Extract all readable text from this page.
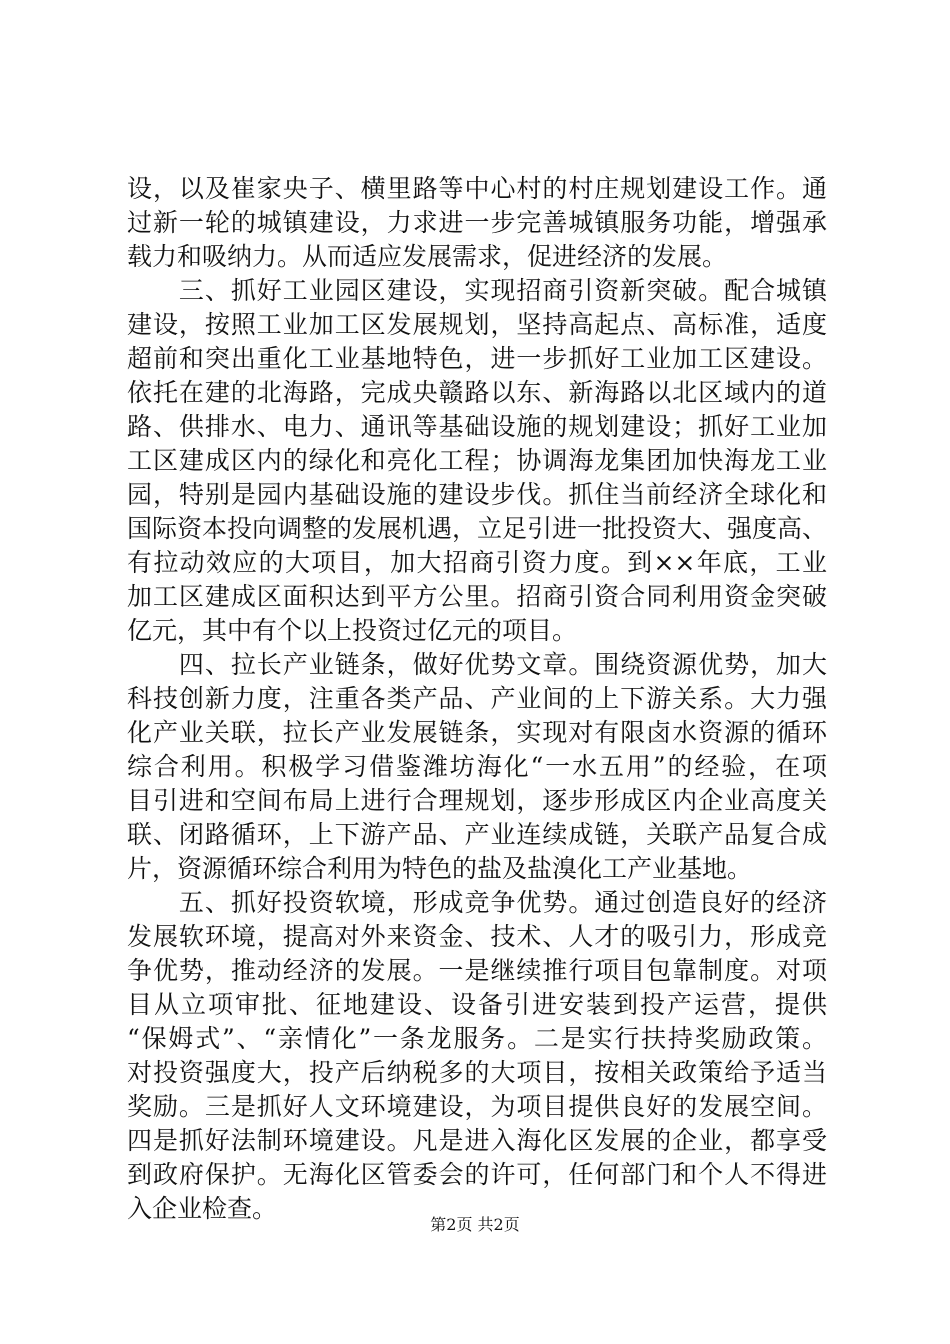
设，以及崔家央子、横里路等中心村的村庄规划建设工作。通
过新一轮的城镇建设，力求进一步完善城镇服务功能，增强承
载力和吸纳力。从而适应发展需求，促进经济的发展。
　　三、抓好工业园区建设，实现招商引资新突破。配合城镇
建设，按照工业加工区发展规划，坚持高起点、高标准，适度
超前和突出重化工业基地特色，进一步抓好工业加工区建设。
依托在建的北海路，完成央赣路以东、新海路以北区域内的道
路、供排水、电力、通讯等基础设施的规划建设；抓好工业加
工区建成区内的绿化和亮化工程；协调海龙集团加快海龙工业
园，特别是园内基础设施的建设步伐。抓住当前经济全球化和
国际资本投向调整的发展机遇，立足引进一批投资大、强度高、
有拉动效应的大项目，加大招商引资力度。到××年底，工业
加工区建成区面积达到平方公里。招商引资合同利用资金突破
亿元，其中有个以上投资过亿元的项目。
　　四、拉长产业链条，做好优势文章。围绕资源优势，加大
科技创新力度，注重各类产品、产业间的上下游关系。大力强
化产业关联，拉长产业发展链条，实现对有限卤水资源的循环
综合利用。积极学习借鉴潍坊海化“一水五用”的经验，在项
目引进和空间布局上进行合理规划，逐步形成区内企业高度关
联、闭路循环，上下游产品、产业连续成链，关联产品复合成
片，资源循环综合利用为特色的盐及盐溴化工产业基地。
　　五、抓好投资软境，形成竞争优势。通过创造良好的经济
发展软环境，提高对外来资金、技术、人才的吸引力，形成竞
争优势，推动经济的发展。一是继续推行项目包靠制度。对项
目从立项审批、征地建设、设备引进安装到投产运营，提供
“保姆式”、“亲情化”一条龙服务。二是实行扶持奖励政策。
对投资强度大，投产后纳税多的大项目，按相关政策给予适当
奖励。三是抓好人文环境建设，为项目提供良好的发展空间。
四是抓好法制环境建设。凡是进入海化区发展的企业，都享受
到政府保护。无海化区管委会的许可，任何部门和个人不得进
入企业检查。
第2页 共2页
